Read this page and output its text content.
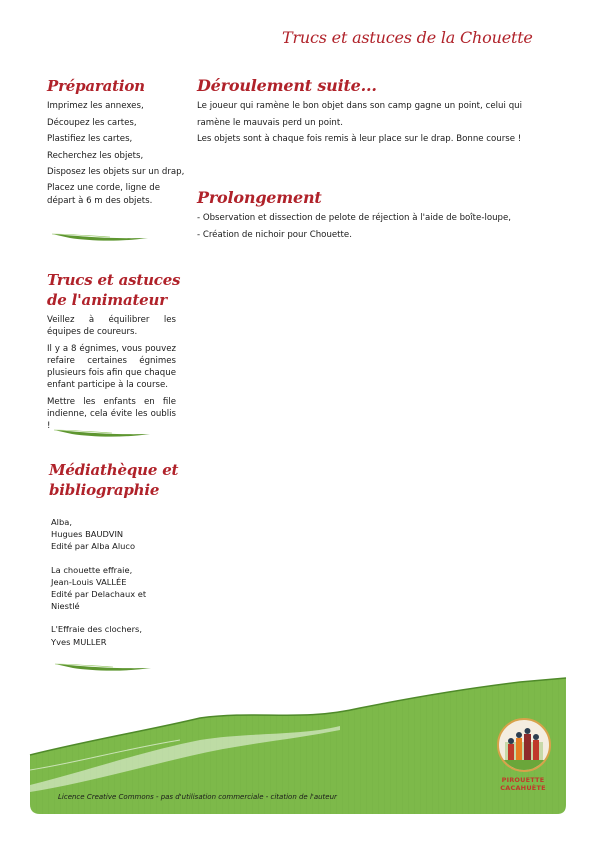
Trucs et astuces de la Chouette
Préparation

Imprimez les annexes,

Découpez les cartes,

Plastifiez les cartes,

Recherchez les objets,

Disposez les objets sur un drap,

Placez une corde, ligne de départ à 6 m des objets.

Trucs et astuces
de l'animateur

Veillez à équilibrer les équipes de coureurs.

Il y a 8 égnimes, vous pouvez refaire certaines égnimes plusieurs fois afin que chaque enfant participe à la course.

Mettre les enfants en file indienne, cela évite les oublis !

Médiathèque et
bibliographie

Alba,
Hugues BAUDVIN
Edité par Alba Aluco

La chouette effraie,
Jean-Louis VALLÉE
Edité par Delachaux et Niestlé

L'Effraie des clochers,
Yves MULLER

Déroulement suite...

Le joueur qui ramène le bon objet dans son camp gagne un point, celui qui ramène le mauvais perd un point.

Les objets sont à chaque fois remis à leur place sur le drap. Bonne course !

Prolongement

- Observation et dissection de pelote de réjection à l'aide de boîte-loupe,

- Création de nichoir pour Chouette.

Licence Creative Commons - pas d'utilisation commerciale - citation de l'auteur
PIROUETTE
CACAHUÈTE
